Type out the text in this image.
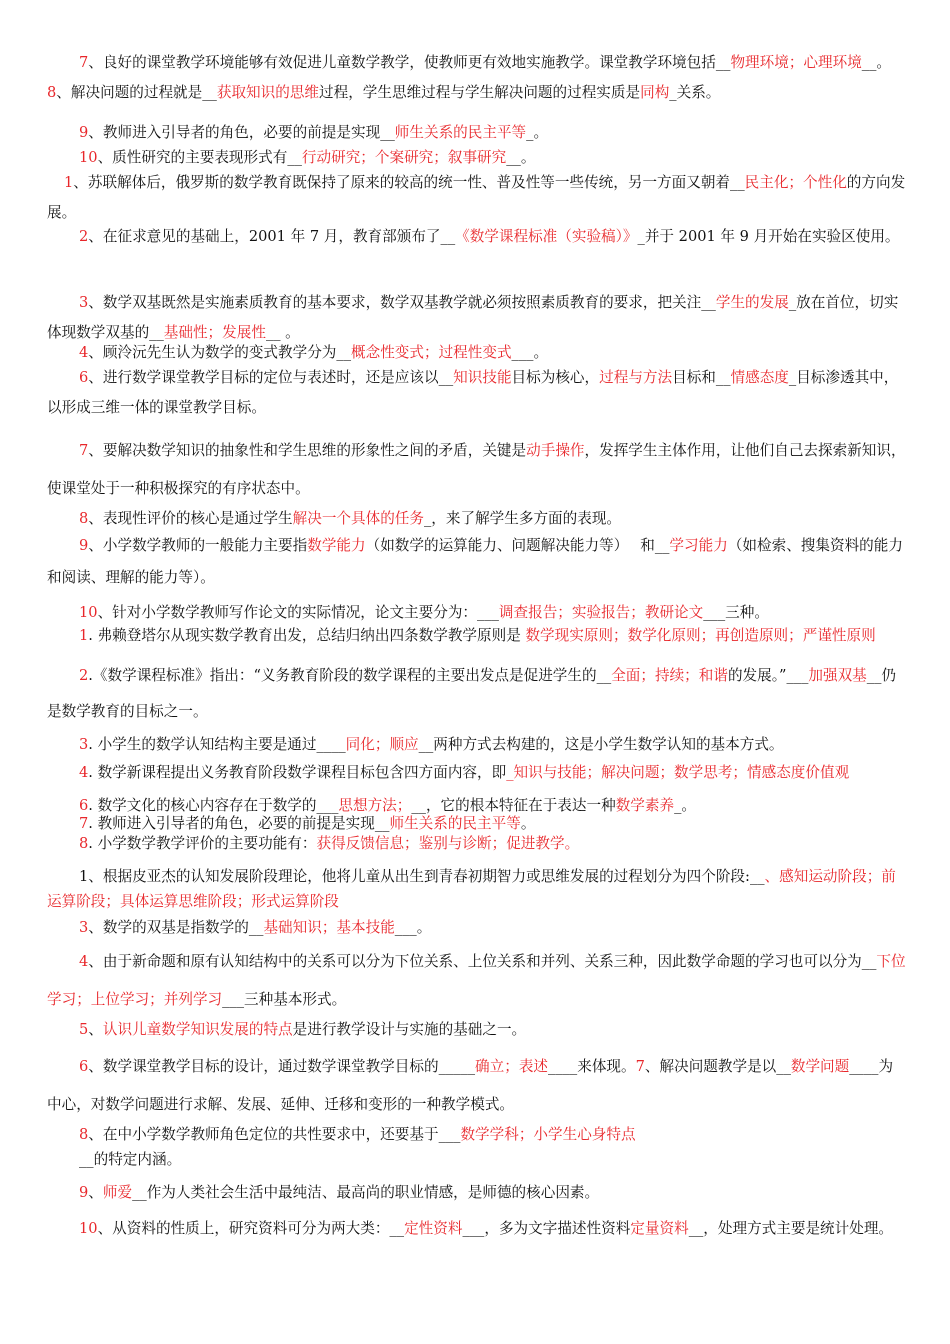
7、良好的课堂教学环境能够有效促进儿童数学教学，使教师更有效地实施教学。课堂教学环境包括__物理环境；心理环境__。 8、解决问题的过程就是__获取知识的思维过程，学生思维过程与学生解决问题的过程实质是同构_关系。

9、教师进入引导者的角色，必要的前提是实现__师生关系的民主平等_。

10、质性研究的主要表现形式有__行动研究；个案研究；叙事研究__。

1、苏联解体后，俄罗斯的数学教育既保持了原来的较高的统一性、普及性等一些传统，另一方面又朝着__民主化；个性化的方向发展。

2、在征求意见的基础上，2001 年 7 月，教育部颁布了__《数学课程标准（实验稿）》_并于 2001 年 9 月开始在实验区使用。

3、数学双基既然是实施素质教育的基本要求，数学双基教学就必须按照素质教育的要求，把关注__学生的发展_放在首位，切实体现数学双基的__基础性；发展性__ 。

4、顾泠沅先生认为数学的变式教学分为__概念性变式；过程性变式___。

6、进行数学课堂教学目标的定位与表述时，还是应该以__知识技能目标为核心，过程与方法目标和__情感态度_目标渗透其中，以形成三维一体的课堂教学目标。

7、要解决数学知识的抽象性和学生思维的形象性之间的矛盾，关键是动手操作，发挥学生主体作用，让他们自己去探索新知识，使课堂处于一种积极探究的有序状态中。

8、表现性评价的核心是通过学生解决一个具体的任务_，来了解学生多方面的表现。

9、小学数学教师的一般能力主要指数学能力（如数学的运算能力、问题解决能力等）　 和__学习能力（如检索、搜集资料的能力和阅读、理解的能力等）。

10、针对小学数学教师写作论文的实际情况，论文主要分为：___调查报告；实验报告；教研论文___三种。

1. 弗赖登塔尔从现实数学教育出发，总结归纳出四条数学教学原则是 数学现实原则；数学化原则；再创造原则；严谨性原则

2.《数学课程标准》指出：“义务教育阶段的数学课程的主要出发点是促进学生的__全面；持续；和谐的发展。”___加强双基__仍是数学教育的目标之一。

3. 小学生的数学认知结构主要是通过____同化；顺应__两种方式去构建的，这是小学生数学认知的基本方式。

4. 数学新课程提出义务教育阶段数学课程目标包含四方面内容，即_知识与技能；解决问题；数学思考；情感态度价值观

6. 数学文化的核心内容存在于数学的___思想方法；__，它的根本特征在于表达一种数学素养_。

7. 教师进入引导者的角色，必要的前提是实现__师生关系的民主平等。

8. 小学数学教学评价的主要功能有：获得反馈信息；鉴别与诊断；促进教学。

1、根据皮亚杰的认知发展阶段理论，他将儿童从出生到青春初期智力或思维发展的过程划分为四个阶段:__、感知运动阶段；前运算阶段；具体运算思维阶段；形式运算阶段

3、数学的双基是指数学的__基础知识；基本技能___。

4、由于新命题和原有认知结构中的关系可以分为下位关系、上位关系和并列、关系三种，因此数学命题的学习也可以分为__下位学习；上位学习；并列学习___三种基本形式。

5、认识儿童数学知识发展的特点是进行教学设计与实施的基础之一。

6、数学课堂教学目标的设计，通过数学课堂教学目标的_____确立；表述____来体现。7、解决问题教学是以__数学问题____为中心，对数学问题进行求解、发展、延伸、迁移和变形的一种教学模式。

8、在中小学数学教师角色定位的共性要求中，还要基于___数学学科；小学生心身特点

__的特定内涵。

9、师爱__作为人类社会生活中最纯洁、最高尚的职业情感，是师德的核心因素。

10、从资料的性质上，研究资料可分为两大类：__定性资料___，多为文字描述性资料定量资料__，处理方式主要是统计处理。
